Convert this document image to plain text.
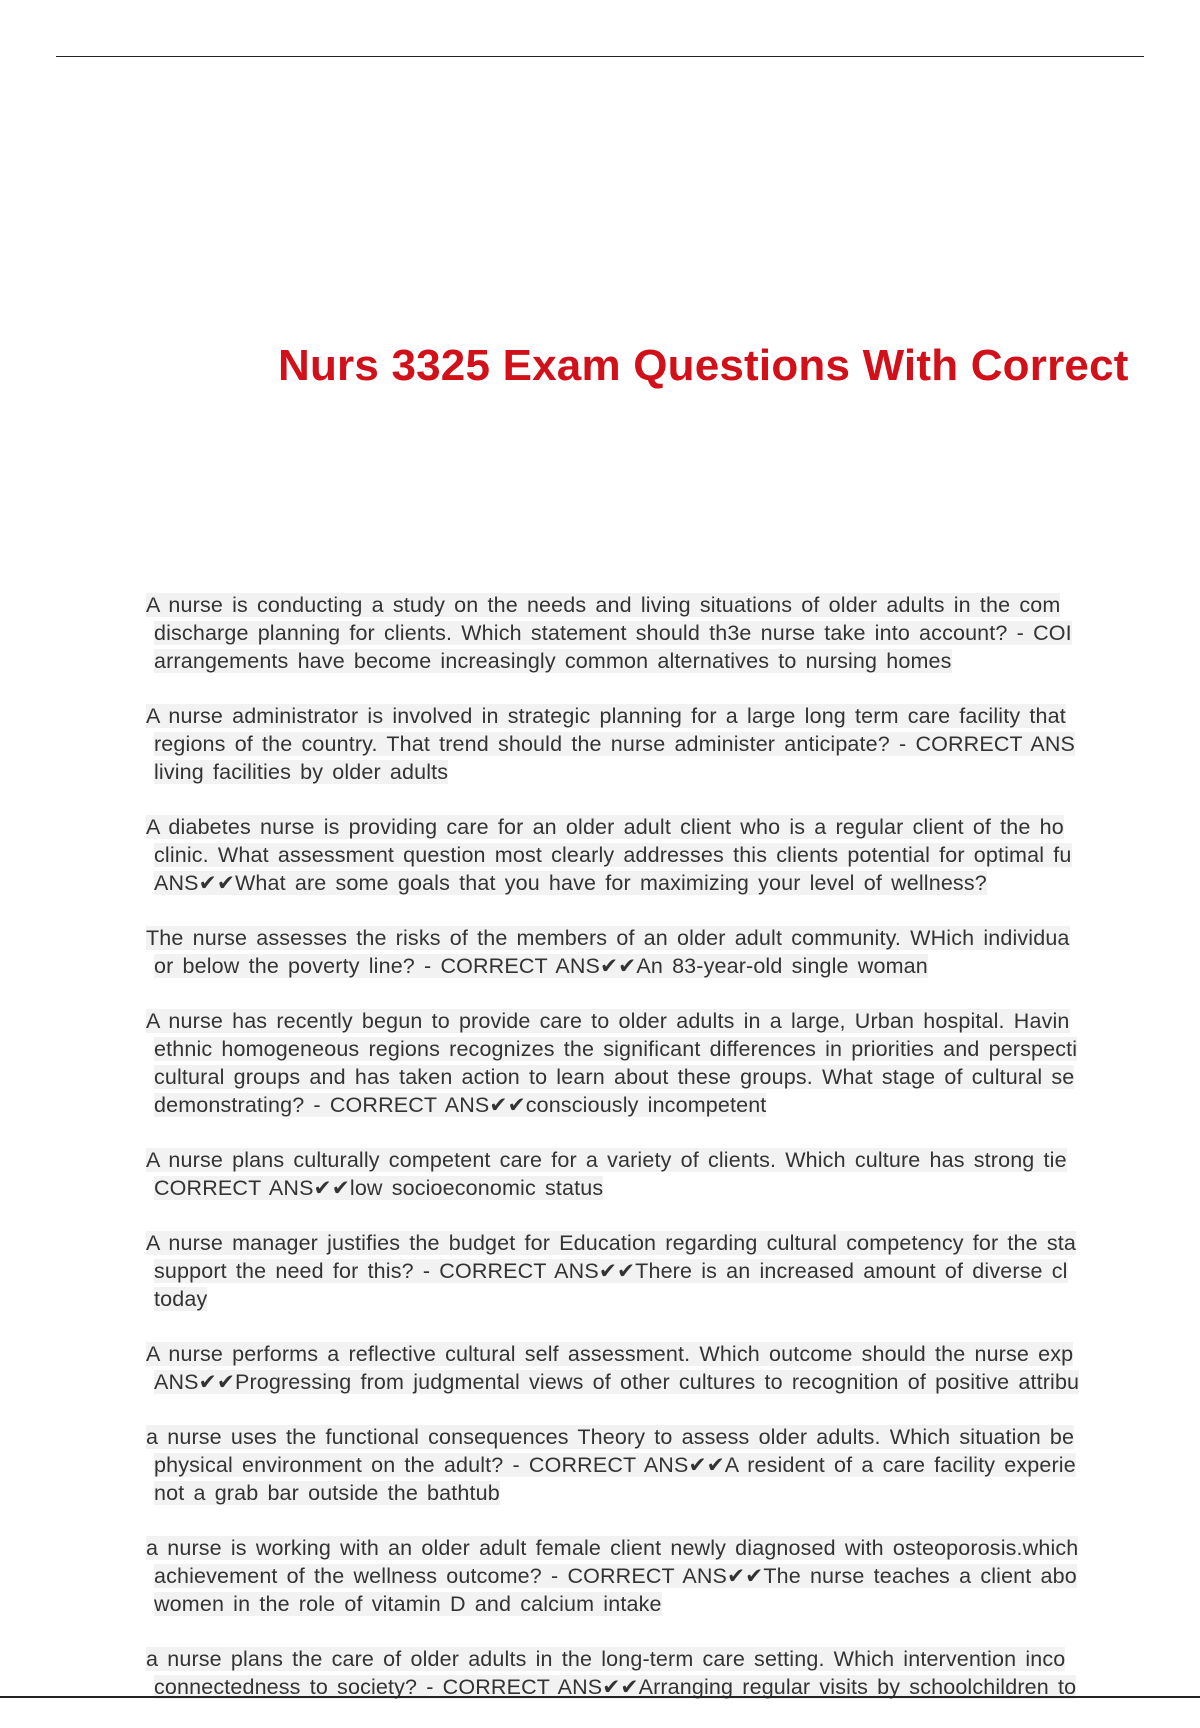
Nurs 3325 Exam Questions With Correct
A nurse is conducting a study on the needs and living situations of older adults in the com
discharge planning for clients. Which statement should th3e nurse take into account? - COI
arrangements have become increasingly common alternatives to nursing homes
A nurse administrator is involved in strategic planning for a large long term care facility that
regions of the country. That trend should the nurse administer anticipate? - CORRECT ANS
living facilities by older adults
A diabetes nurse is providing care for an older adult client who is a regular client of the ho
clinic. What assessment question most clearly addresses this clients potential for optimal fu
ANS✔✔What are some goals that you have for maximizing your level of wellness?
The nurse assesses the risks of the members of an older adult community. WHich individua
or below the poverty line? - CORRECT ANS✔✔An 83-year-old single woman
A nurse has recently begun to provide care to older adults in a large, Urban hospital. Havin
ethnic homogeneous regions recognizes the significant differences in priorities and perspecti
cultural groups and has taken action to learn about these groups. What stage of cultural se
demonstrating? - CORRECT ANS✔✔consciously incompetent
A nurse plans culturally competent care for a variety of clients. Which culture has strong tie
CORRECT ANS✔✔low socioeconomic status
A nurse manager justifies the budget for Education regarding cultural competency for the sta
support the need for this? - CORRECT ANS✔✔There is an increased amount of diverse cl
today
A nurse performs a reflective cultural self assessment. Which outcome should the nurse exp
ANS✔✔Progressing from judgmental views of other cultures to recognition of positive attribu
a nurse uses the functional consequences Theory to assess older adults. Which situation be
physical environment on the adult? - CORRECT ANS✔✔A resident of a care facility experie
not a grab bar outside the bathtub
a nurse is working with an older adult female client newly diagnosed with osteoporosis.which
achievement of the wellness outcome? - CORRECT ANS✔✔The nurse teaches a client abo
women in the role of vitamin D and calcium intake
a nurse plans the care of older adults in the long-term care setting. Which intervention inco
connectedness to society? - CORRECT ANS✔✔Arranging regular visits by schoolchildren to
